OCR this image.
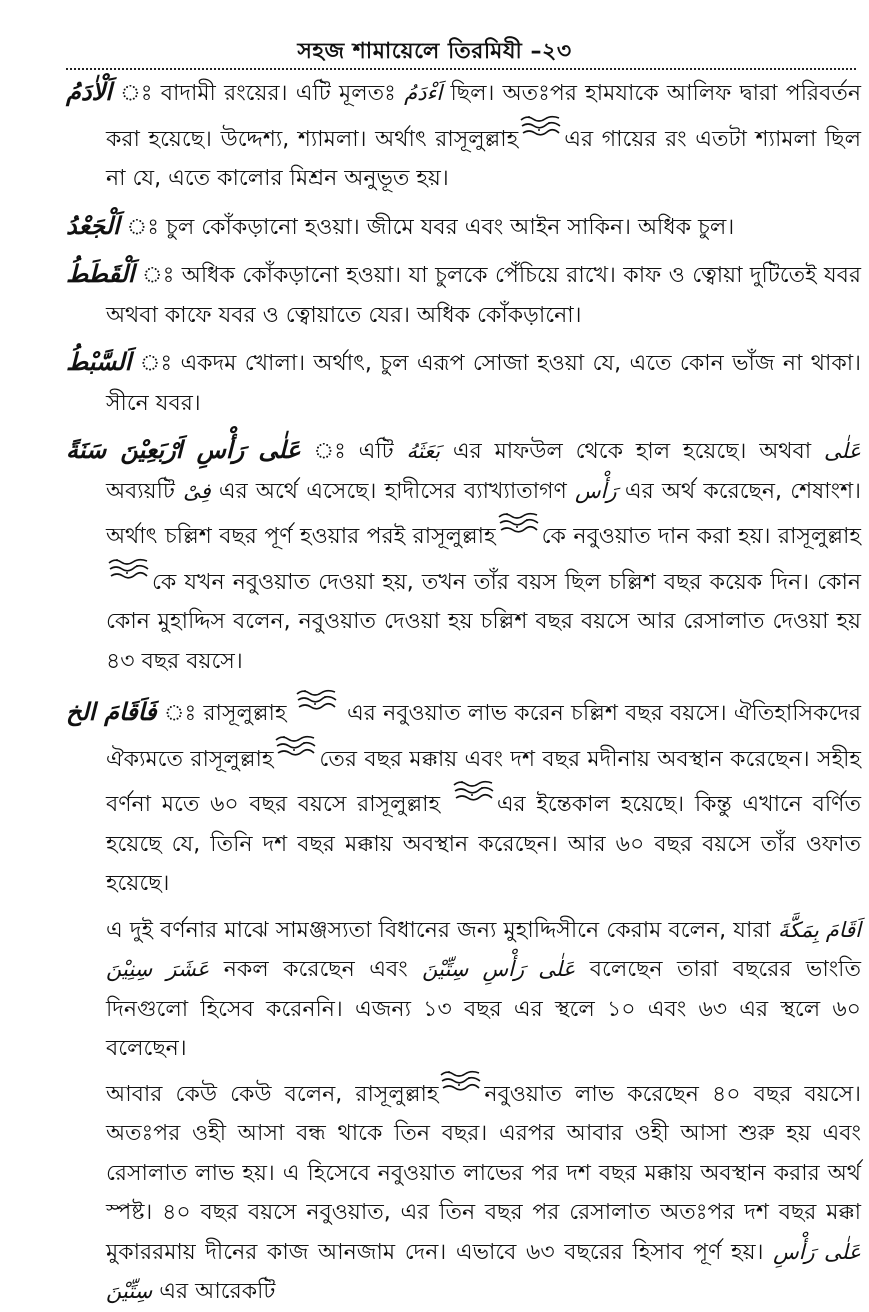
সহজ শামায়েলে তিরমিযী –২৩

اَلْاٰدَمُ ঃ বাদামী রংয়ের। এটি মূলতঃ اَءْدَمُ ছিল। অতঃপর হামযাকে আলিফ দ্বারা পরিবর্তন করা হয়েছে। উদ্দেশ্য, শ্যামলা। অর্থাৎ রাসূলুল্লাহ এর গায়ের রং এতটা শ্যামলা ছিল না যে, এতে কালোর মিশ্রন অনুভূত হয়।

اَلْجَعْدُ ঃ চুল কোঁকড়ানো হওয়া। জীমে যবর এবং আইন সাকিন। অধিক চুল।

اَلْقَطَطُ ঃ অধিক কোঁকড়ানো হওয়া। যা চুলকে পেঁচিয়ে রাখে। কাফ ও ত্বোয়া দুটিতেই যবর অথবা কাফে যবর ও ত্বোয়াতে যের। অধিক কোঁকড়ানো।

اَلسَّبْطُ ঃ একদম খোলা। অর্থাৎ, চুল এরূপ সোজা হওয়া যে, এতে কোন ভাঁজ না থাকা। সীনে যবর।

عَلٰى رَأْسِ اَرْبَعِيْنَ سَنَةً ঃ এটি بَعَثَهُ এর মাফউল থেকে হাল হয়েছে। অথবা عَلٰى অব্যয়টি فِىْ এর অর্থে এসেছে। হাদীসের ব্যাখ্যাতাগণ رَأْس এর অর্থ করেছেন, শেষাংশ। অর্থাৎ চল্লিশ বছর পূর্ণ হওয়ার পরই রাসূলুল্লাহ কে নবুওয়াত দান করা হয়। রাসূলুল্লাহ
কে যখন নবুওয়াত দেওয়া হয়, তখন তাঁর বয়স ছিল চল্লিশ বছর কয়েক দিন। কোন কোন মুহাদ্দিস বলেন, নবুওয়াত দেওয়া হয় চল্লিশ বছর বয়সে আর রেসালাত দেওয়া হয় ৪৩ বছর বয়সে।

فَاَقَامَ الخ ঃ রাসূলুল্লাহ
এর নবুওয়াত লাভ করেন চল্লিশ বছর বয়সে। ঐতিহাসিকদের ঐক্যমতে রাসূলুল্লাহ তের বছর মক্কায় এবং দশ বছর মদীনায় অবস্থান করেছেন। সহীহ বর্ণনা মতে ৬০ বছর বয়সে রাসূলুল্লাহ
এর ইন্তেকাল হয়েছে। কিন্তু এখানে বর্ণিত হয়েছে যে, তিনি দশ বছর মক্কায় অবস্থান করেছেন। আর ৬০ বছর বয়সে তাঁর ওফাত হয়েছে।

এ দুই বর্ণনার মাঝে সামঞ্জস্যতা বিধানের জন্য মুহাদ্দিসীনে কেরাম বলেন, যারা اَقَامَ بِمَكَّةَ عَشَرَ سِنِيْنَ নকল করেছেন এবং عَلٰى رَأْسِ سِتِّيْنَ বলেছেন তারা বছরের ভাংতি দিনগুলো হিসেব করেননি। এজন্য ১৩ বছর এর স্থলে ১০ এবং ৬৩ এর স্থলে ৬০ বলেছেন।

আবার কেউ কেউ বলেন, রাসূলুল্লাহ নবুওয়াত লাভ করেছেন ৪০ বছর বয়সে। অতঃপর ওহী আসা বন্ধ থাকে তিন বছর। এরপর আবার ওহী আসা শুরু হয় এবং রেসালাত লাভ হয়। এ হিসেবে নবুওয়াত লাভের পর দশ বছর মক্কায় অবস্থান করার অর্থ স্পষ্ট। ৪০ বছর বয়সে নবুওয়াত, এর তিন বছর পর রেসালাত অতঃপর দশ বছর মক্কা মুকাররমায় দীনের কাজ আনজাম দেন। এভাবে ৬৩ বছরের হিসাব পূর্ণ হয়। عَلٰى رَأْسِ سِتِّيْنَ এর আরেকটি
